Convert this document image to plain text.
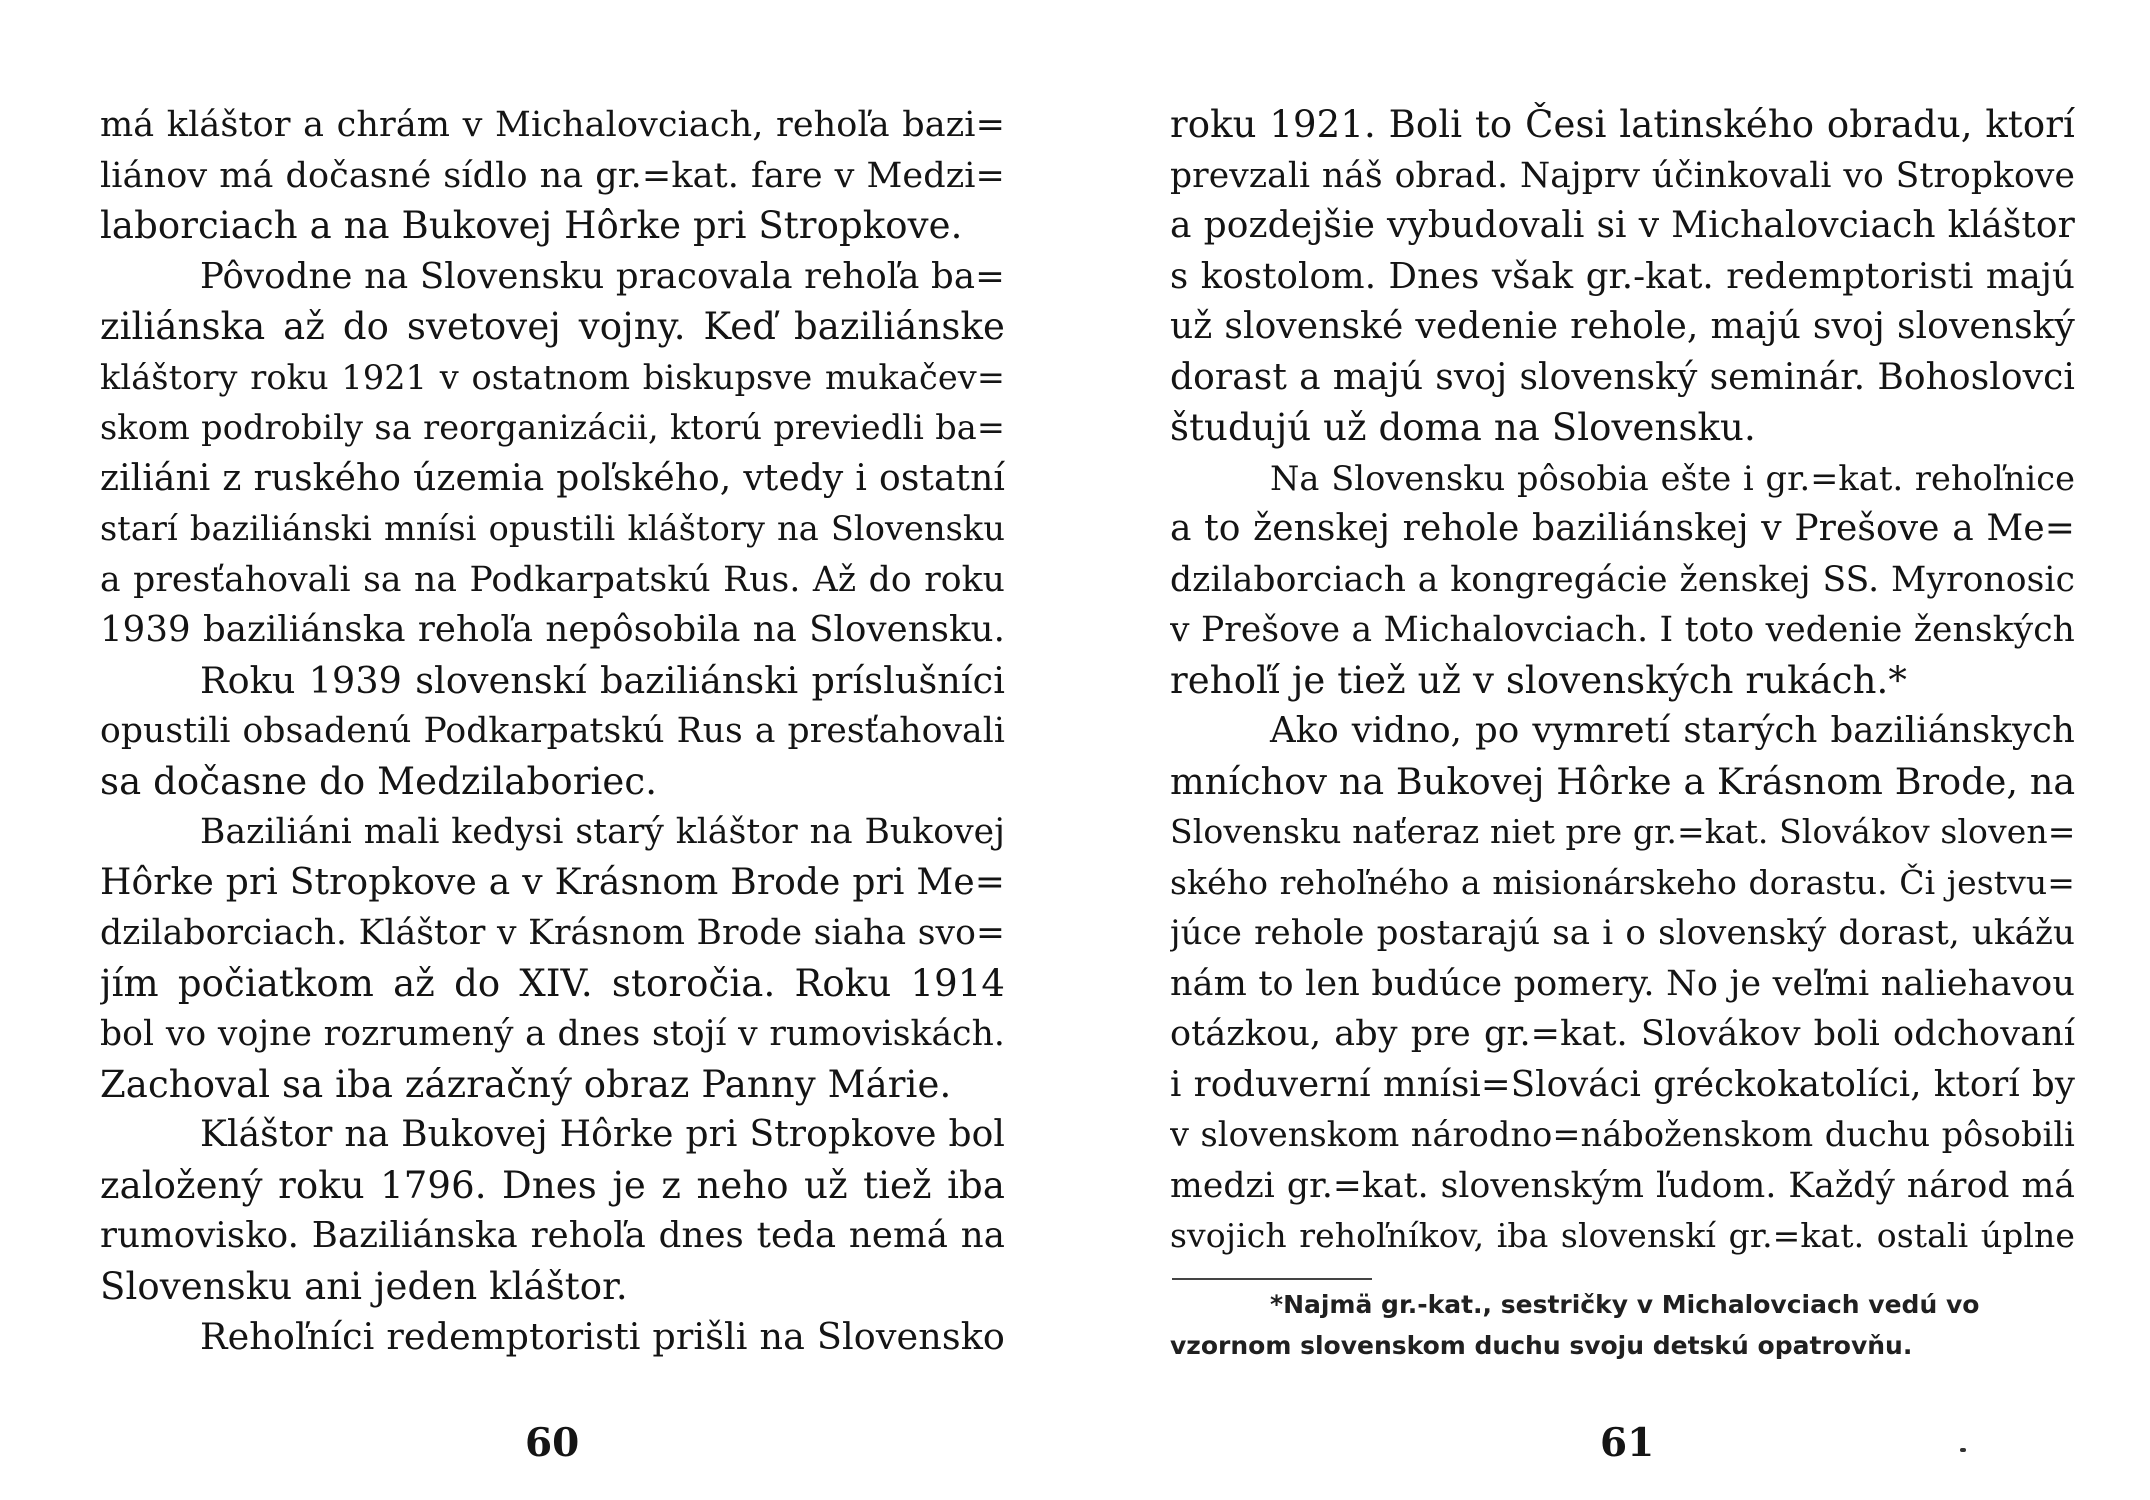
má kláštor a chrám v Michalovciach, rehoľa bazi=
liánov má dočasné sídlo na gr.=kat. fare v Medzi=
laborciach a na Bukovej Hôrke pri Stropkove.
Pôvodne na Slovensku pracovala rehoľa ba=
ziliánska až do svetovej vojny. Keď baziliánske
kláštory roku 1921 v ostatnom biskupsve mukačev=
skom podrobily sa reorganizácii, ktorú previedli ba=
ziliáni z ruského územia poľského, vtedy i ostatní
starí baziliánski mnísi opustili kláštory na Slovensku
a presťahovali sa na Podkarpatskú Rus. Až do roku
1939 baziliánska rehoľa nepôsobila na Slovensku.
Roku 1939 slovenskí baziliánski príslušníci
opustili obsadenú Podkarpatskú Rus a presťahovali
sa dočasne do Medzilaboriec.
Baziliáni mali kedysi starý kláštor na Bukovej
Hôrke pri Stropkove a v Krásnom Brode pri Me=
dzilaborciach. Kláštor v Krásnom Brode siaha svo=
jím počiatkom až do XIV. storočia. Roku 1914
bol vo vojne rozrumený a dnes stojí v rumoviskách.
Zachoval sa iba zázračný obraz Panny Márie.
Kláštor na Bukovej Hôrke pri Stropkove bol
založený roku 1796. Dnes je z neho už tiež iba
rumovisko. Baziliánska rehoľa dnes teda nemá na
Slovensku ani jeden kláštor.
Rehoľníci redemptoristi prišli na Slovensko
roku 1921. Boli to Česi latinského obradu, ktorí
prevzali náš obrad. Najprv účinkovali vo Stropkove
a pozdejšie vybudovali si v Michalovciach kláštor
s kostolom. Dnes však gr.-kat. redemptoristi majú
už slovenské vedenie rehole, majú svoj slovenský
dorast a majú svoj slovenský seminár. Bohoslovci
študujú už doma na Slovensku.
Na Slovensku pôsobia ešte i gr.=kat. rehoľnice
a to ženskej rehole baziliánskej v Prešove a Me=
dzilaborciach a kongregácie ženskej SS. Myronosic
v Prešove a Michalovciach. I toto vedenie ženských
rehoľí je tiež už v slovenských rukách.*
Ako vidno, po vymretí starých baziliánskych
mníchov na Bukovej Hôrke a Krásnom Brode, na
Slovensku naťeraz niet pre gr.=kat. Slovákov sloven=
ského rehoľného a misionárskeho dorastu. Či jestvu=
júce rehole postarajú sa i o slovenský dorast, ukážu
nám to len budúce pomery. No je veľmi naliehavou
otázkou, aby pre gr.=kat. Slovákov boli odchovaní
i roduverní mnísi=Slováci gréckokatolíci, ktorí by
v slovenskom národno=náboženskom duchu pôsobili
medzi gr.=kat. slovenským ľudom. Každý národ má
svojich rehoľníkov, iba slovenskí gr.=kat. ostali úplne
*Najmä gr.-kat., sestričky v Michalovciach vedú vo
vzornom slovenskom duchu svoju detskú opatrovňu.
60	61
